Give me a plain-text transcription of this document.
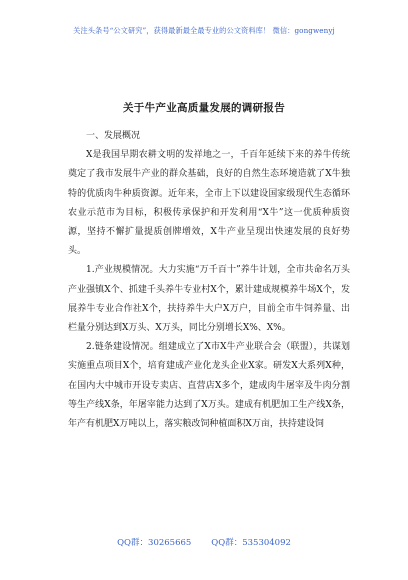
关注头条号“公文研究”，获得最新最全最专业的公文资料库！ 微信：gongwenyj
关于牛产业高质量发展的调研报告

一、发展概况

X是我国早期农耕文明的发祥地之一，千百年延续下来的养牛传统奠定了我市发展牛产业的群众基础，良好的自然生态环境造就了X牛独特的优质肉牛种质资源。近年来，全市上下以建设国家级现代生态循环农业示范市为目标，积极传承保护和开发利用“X牛”这一优质种质资源，坚持不懈扩量提质创牌增效，X牛产业呈现出快速发展的良好势头。

1.产业规模情况。大力实施“万千百十”养牛计划，全市共命名万头产业强镇X个、抓建千头养牛专业村X个，累计建成规模养牛场X个，发展养牛专业合作社X个，扶持养牛大户X万户，目前全市牛饲养量、出栏量分别达到X万头、X万头，同比分别增长X%、X%。

2.链条建设情况。组建成立了X市X牛产业联合会（联盟），共谋划实施重点项目X个，培育建成产业化龙头企业X家。研发X大系列X种，在国内大中城市开设专卖店、直营店X多个，建成肉牛屠宰及牛肉分割等生产线X条，年屠宰能力达到了X万头。建成有机肥加工生产线X条，年产有机肥X万吨以上，落实粮改饲种植面积X万亩，扶持建设饲

QQ群：30265665 QQ群：535304092
